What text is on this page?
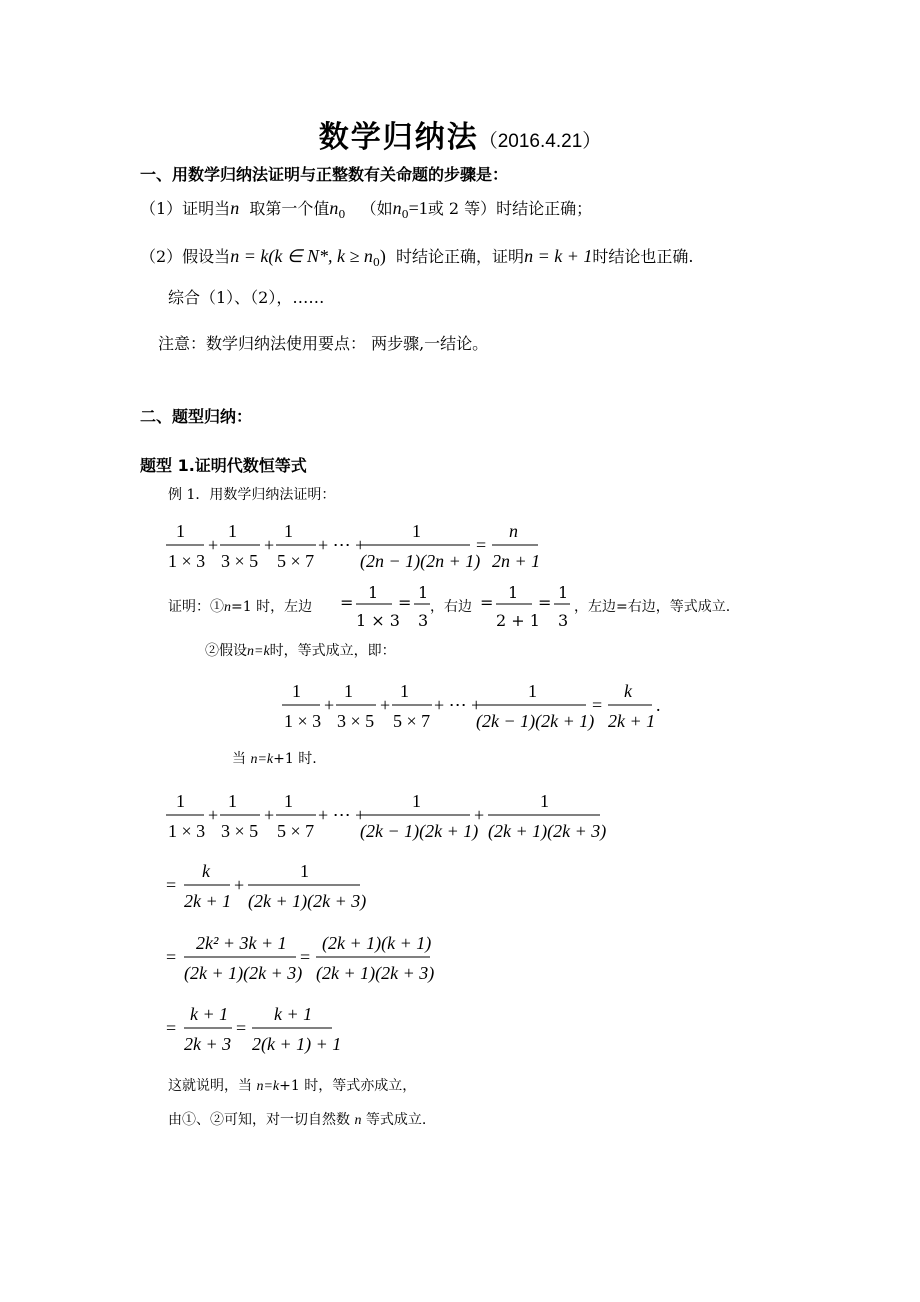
数学归纳法（2016.4.21）
一、用数学归纳法证明与正整数有关命题的步骤是：
（1）证明当n 取第一个值$n_0$ （如$n_0=1$或 2 等）时结论正确；
（2）假设当n = k(k ∈ N*, $k \ge n_0$) 时结论正确，证明n = k + 1时结论也正确.
综合（1）、（2），……
注意：数学归纳法使用要点： 两步骤,一结论。
二、题型归纳：
题型 1.证明代数恒等式
例 1．用数学归纳法证明：
1
1 × 3
+
1
3 × 5
+
1
5 × 7
+ ⋯ +
1
(2n − 1)(2n + 1)
=
n
2n + 1
证明：①n=1 时，左边 =
1
1 × 3
=
1
3
，右边 =
1
2 + 1
=
1
3
，左边=右边，等式成立.
②假设n=k时，等式成立，即：
1
1 × 3
+
1
3 × 5
+
1
5 × 7
+ ⋯ +
1
(2k − 1)(2k + 1)
=
k
2k + 1
.
当 n=k+1 时.
1
1 × 3
+
1
3 × 5
+
1
5 × 7
+ ⋯ +
1
(2k − 1)(2k + 1)
+
1
(2k + 1)(2k + 3)
=
k
2k + 1
+
1
(2k + 1)(2k + 3)
=
2k² + 3k + 1
(2k + 1)(2k + 3)
=
(2k + 1)(k + 1)
(2k + 1)(2k + 3)
=
k + 1
2k + 3
=
k + 1
2(k + 1) + 1
这就说明，当 n=k+1 时，等式亦成立，
由①、②可知，对一切自然数 n 等式成立.
